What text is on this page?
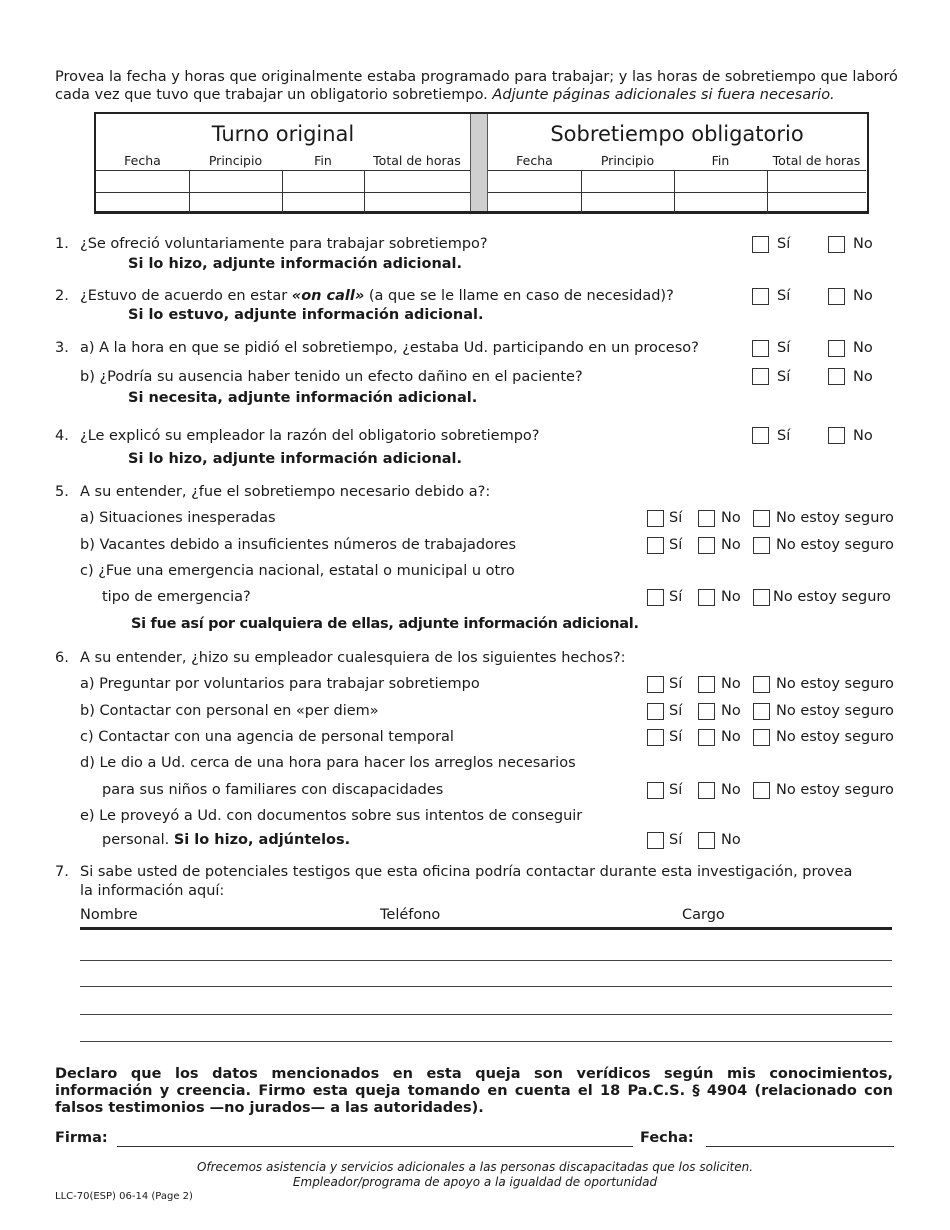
Provea la fecha y horas que originalmente estaba programado para trabajar; y las horas de sobretiempo que laboró cada vez que tuvo que trabajar un obligatorio sobretiempo. Adjunte páginas adicionales si fuera necesario.
Turno original
Fecha	Principio	Fin	Total de horas
Sobretiempo obligatorio
Fecha	Principio	Fin	Total de horas
1. ¿Se ofreció voluntariamente para trabajar sobretiempo?
Si lo hizo, adjunte información adicional.
Sí	No
2. ¿Estuvo de acuerdo en estar «on call» (a que se le llame en caso de necesidad)?
Si lo estuvo, adjunte información adicional.
Sí	No
3. a) A la hora en que se pidió el sobretiempo, ¿estaba Ud. participando en un proceso?	Sí	No
b) ¿Podría su ausencia haber tenido un efecto dañino en el paciente?	Sí	No
Si necesita, adjunte información adicional.
4. ¿Le explicó su empleador la razón del obligatorio sobretiempo?
Si lo hizo, adjunte información adicional.
Sí	No
5. A su entender, ¿fue el sobretiempo necesario debido a?:
a) Situaciones inesperadas	Sí	No No estoy seguro
b) Vacantes debido a insuficientes números de trabajadores	Sí	No No estoy seguro
c) ¿Fue una emergencia nacional, estatal o municipal u otro
tipo de emergencia?	Sí	No No estoy seguro
Si fue así por cualquiera de ellas, adjunte información adicional.
6. A su entender, ¿hizo su empleador cualesquiera de los siguientes hechos?:
a) Preguntar por voluntarios para trabajar sobretiempo	Sí	No No estoy seguro
b) Contactar con personal en «per diem»	Sí	No No estoy seguro
c) Contactar con una agencia de personal temporal	Sí	No No estoy seguro
d) Le dio a Ud. cerca de una hora para hacer los arreglos necesarios
para sus niños o familiares con discapacidades	Sí	No No estoy seguro
e) Le proveyó a Ud. con documentos sobre sus intentos de conseguir
personal. Si lo hizo, adjúntelos.	Sí	No
7. Si sabe usted de potenciales testigos que esta oficina podría contactar durante esta investigación, provea
la información aquí:
Nombre	Teléfono	Cargo
Declaro que los datos mencionados en esta queja son verídicos según mis conocimientos, información y creencia. Firmo esta queja tomando en cuenta el 18 Pa.C.S. § 4904 (relacionado con falsos testimonios —no jurados— a las autoridades).
Firma:	Fecha:
Ofrecemos asistencia y servicios adicionales a las personas discapacitadas que los soliciten.
Empleador/programa de apoyo a la igualdad de oportunidad
LLC-70(ESP) 06-14 (Page 2)
